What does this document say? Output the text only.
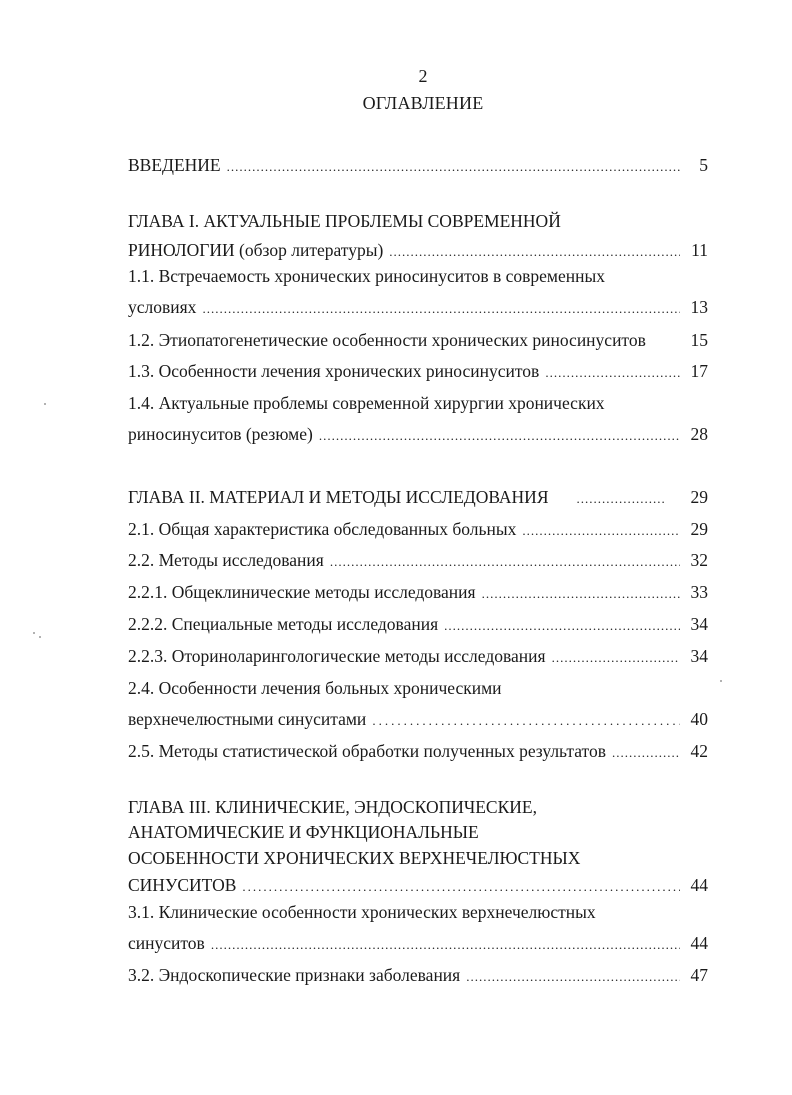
2
ОГЛАВЛЕНИЕ
ВВЕДЕНИЕ .....	5
ГЛАВА I. АКТУАЛЬНЫЕ ПРОБЛЕМЫ СОВРЕМЕННОЙ
РИНОЛОГИИ (обзор литературы) .....	11
1.1. Встречаемость хронических риносинуситов в современных
условиях .....	13
1.2. Этиопатогенетические особенности хронических риносинуситов	15
1.3. Особенности лечения хронических риносинуситов .....	17
1.4. Актуальные проблемы современной хирургии хронических
риносинуситов (резюме) .....	28
ГЛАВА II. МАТЕРИАЛ И МЕТОДЫ ИССЛЕДОВАНИЯ .....	29
2.1. Общая характеристика обследованных больных .....	29
2.2. Методы исследования .....	32
2.2.1. Общеклинические методы исследования .....	33
2.2.2. Специальные методы исследования .....	34
2.2.3. Оториноларингологические методы исследования .....	34
2.4. Особенности лечения больных хроническими
верхнечелюстными синуситами .....	40
2.5. Методы статистической обработки полученных результатов .....	42
ГЛАВА III. КЛИНИЧЕСКИЕ, ЭНДОСКОПИЧЕСКИЕ,
АНАТОМИЧЕСКИЕ И ФУНКЦИОНАЛЬНЫЕ
ОСОБЕННОСТИ ХРОНИЧЕСКИХ ВЕРХНЕЧЕЛЮСТНЫХ
СИНУСИТОВ .....	44
3.1. Клинические особенности хронических верхнечелюстных
синуситов .....	44
3.2. Эндоскопические признаки заболевания .....	47
